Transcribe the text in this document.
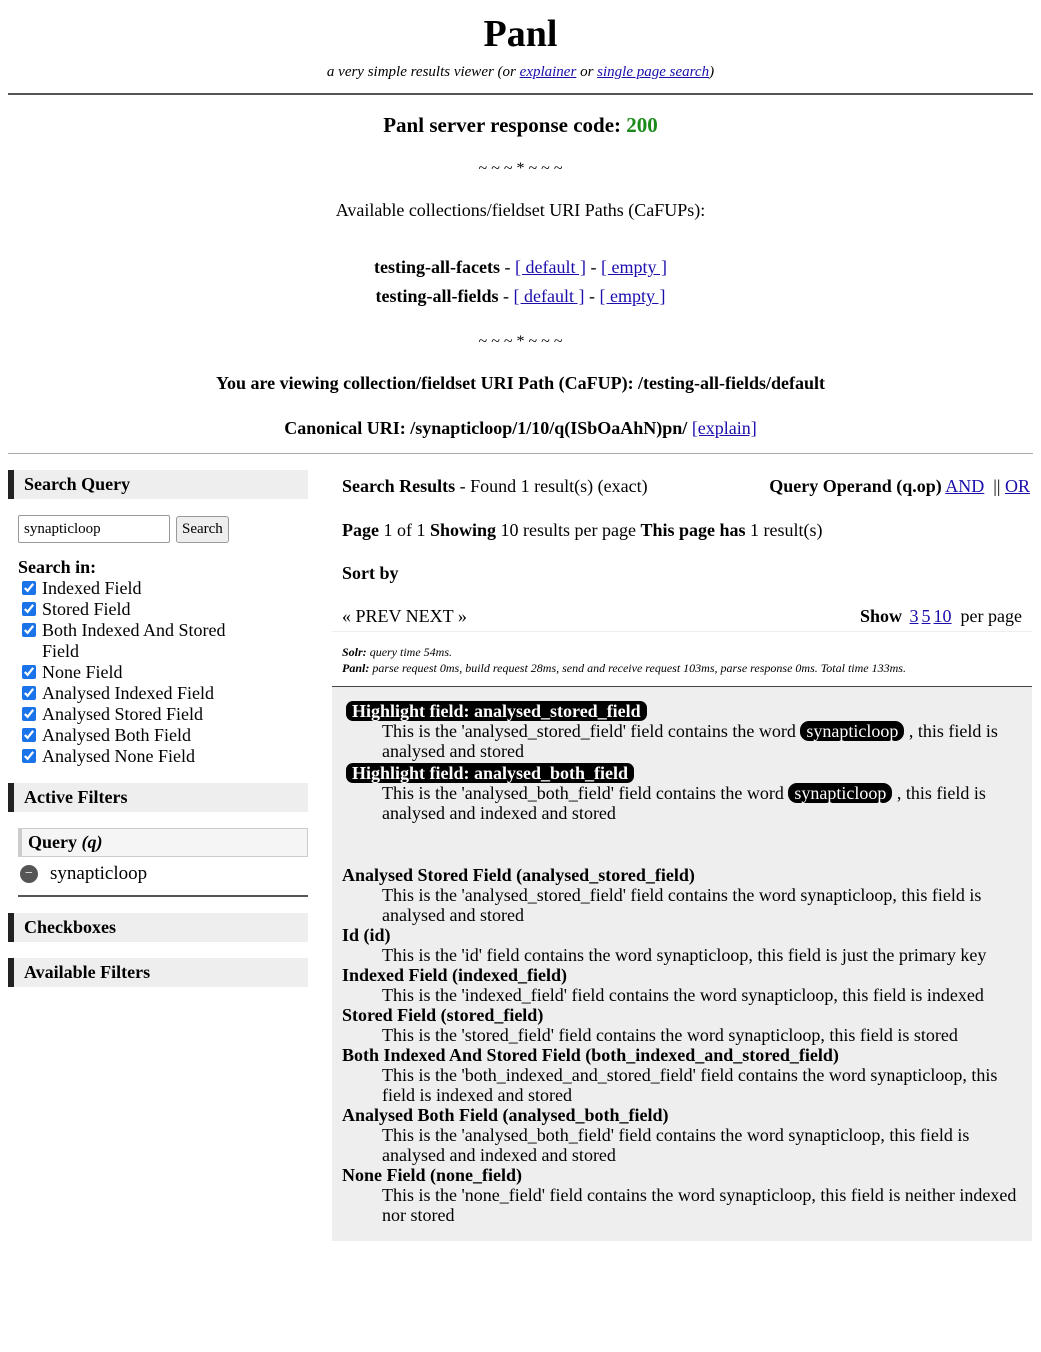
Panl
a very simple results viewer (or explainer or single page search)
Panl server response code: 200
~ ~ ~ * ~ ~ ~
Available collections/fieldset URI Paths (CaFUPs):
testing-all-facets - [ default ] - [ empty ]
testing-all-fields - [ default ] - [ empty ]
~ ~ ~ * ~ ~ ~
You are viewing collection/fieldset URI Path (CaFUP): /testing-all-fields/default
Canonical URI: /synapticloop/1/10/q(ISbOaAhN)pn/ [explain]
Search Query
synapticloop
Search
Search in:
Indexed Field
Stored Field
Both Indexed And Stored Field
None Field
Analysed Indexed Field
Analysed Stored Field
Analysed Both Field
Analysed None Field
Active Filters
Query (q)
− synapticloop
Checkboxes
Available Filters
Search Results - Found 1 result(s) (exact)	Query Operand (q.op) AND || OR
Page 1 of 1 Showing 10 results per page This page has 1 result(s)
Sort by
« PREV NEXT »	Show 3 5 10 per page
Solr: query time 54ms.
Panl: parse request 0ms, build request 28ms, send and receive request 103ms, parse response 0ms. Total time 133ms.
Highlight field: analysed_stored_field
This is the 'analysed_stored_field' field contains the word synapticloop , this field is analysed and stored
Highlight field: analysed_both_field
This is the 'analysed_both_field' field contains the word synapticloop , this field is analysed and indexed and stored
Analysed Stored Field (analysed_stored_field)
This is the 'analysed_stored_field' field contains the word synapticloop, this field is analysed and stored
Id (id)
This is the 'id' field contains the word synapticloop, this field is just the primary key
Indexed Field (indexed_field)
This is the 'indexed_field' field contains the word synapticloop, this field is indexed
Stored Field (stored_field)
This is the 'stored_field' field contains the word synapticloop, this field is stored
Both Indexed And Stored Field (both_indexed_and_stored_field)
This is the 'both_indexed_and_stored_field' field contains the word synapticloop, this field is indexed and stored
Analysed Both Field (analysed_both_field)
This is the 'analysed_both_field' field contains the word synapticloop, this field is analysed and indexed and stored
None Field (none_field)
This is the 'none_field' field contains the word synapticloop, this field is neither indexed nor stored
